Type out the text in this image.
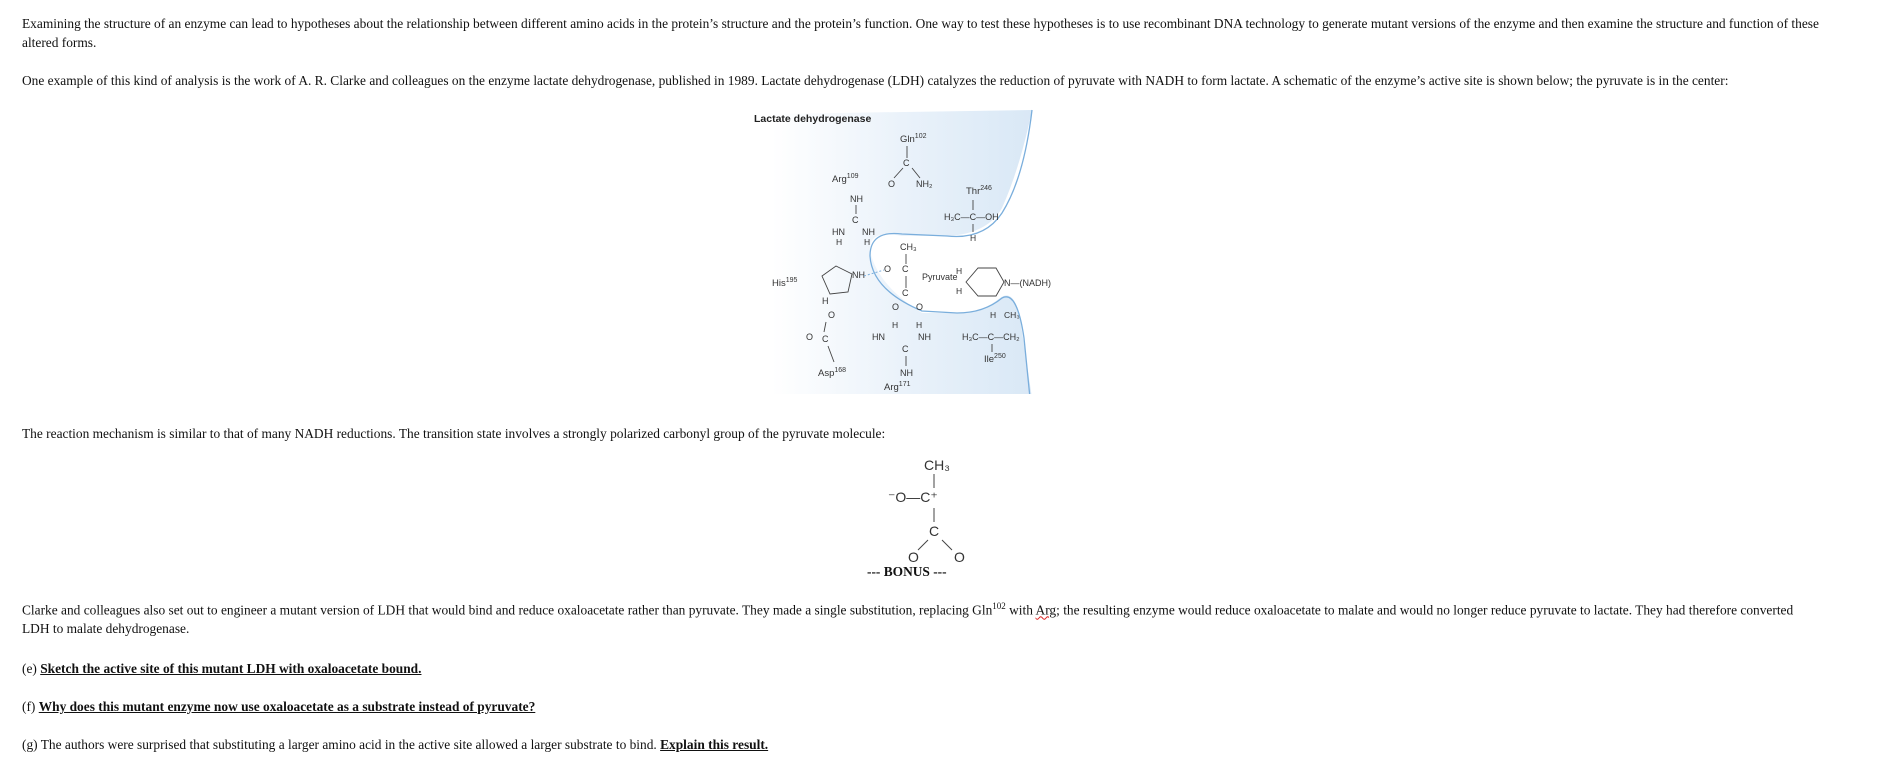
Examining the structure of an enzyme can lead to hypotheses about the relationship between different amino acids in the protein’s structure and the protein’s function. One way to test these hypotheses is to use recombinant DNA technology to generate mutant versions of the enzyme and then examine the structure and function of these altered forms.

One example of this kind of analysis is the work of A. R. Clarke and colleagues on the enzyme lactate dehydrogenase, published in 1989. Lactate dehydrogenase (LDH) catalyzes the reduction of pyruvate with NADH to form lactate. A schematic of the enzyme’s active site is shown below; the pyruvate is in the center:

Lactate dehydrogenase
Gln$^{102}$
C
O NH₂
Arg$^{109}$
NH
C
HN NH
H	H
Thr$^{246}$
H₃C—C—OH
H
CH₃
O C
Pyruvate
C
O O
His$^{195}$
NH
H
O
O C
Asp$^{168}$
H H
HN	NH
C
NH
Arg$^{171}$
H
H
N—(NADH)
H CH₃
H₃C—C—CH₂
Ile$^{250}$

The reaction mechanism is similar to that of many NADH reductions. The transition state involves a strongly polarized carbonyl group of the pyruvate molecule:

CH₃
⁻O—C⁺
C
O	O
--- BONUS ---
Clarke and colleagues also set out to engineer a mutant version of LDH that would bind and reduce oxaloacetate rather than pyruvate. They made a single substitution, replacing Gln$^{102}$ with Arg; the resulting enzyme would reduce oxaloacetate to malate and would no longer reduce pyruvate to lactate. They had therefore converted LDH to malate dehydrogenase.
(e) Sketch the active site of this mutant LDH with oxaloacetate bound.
(f) Why does this mutant enzyme now use oxaloacetate as a substrate instead of pyruvate?
(g) The authors were surprised that substituting a larger amino acid in the active site allowed a larger substrate to bind. Explain this result.
